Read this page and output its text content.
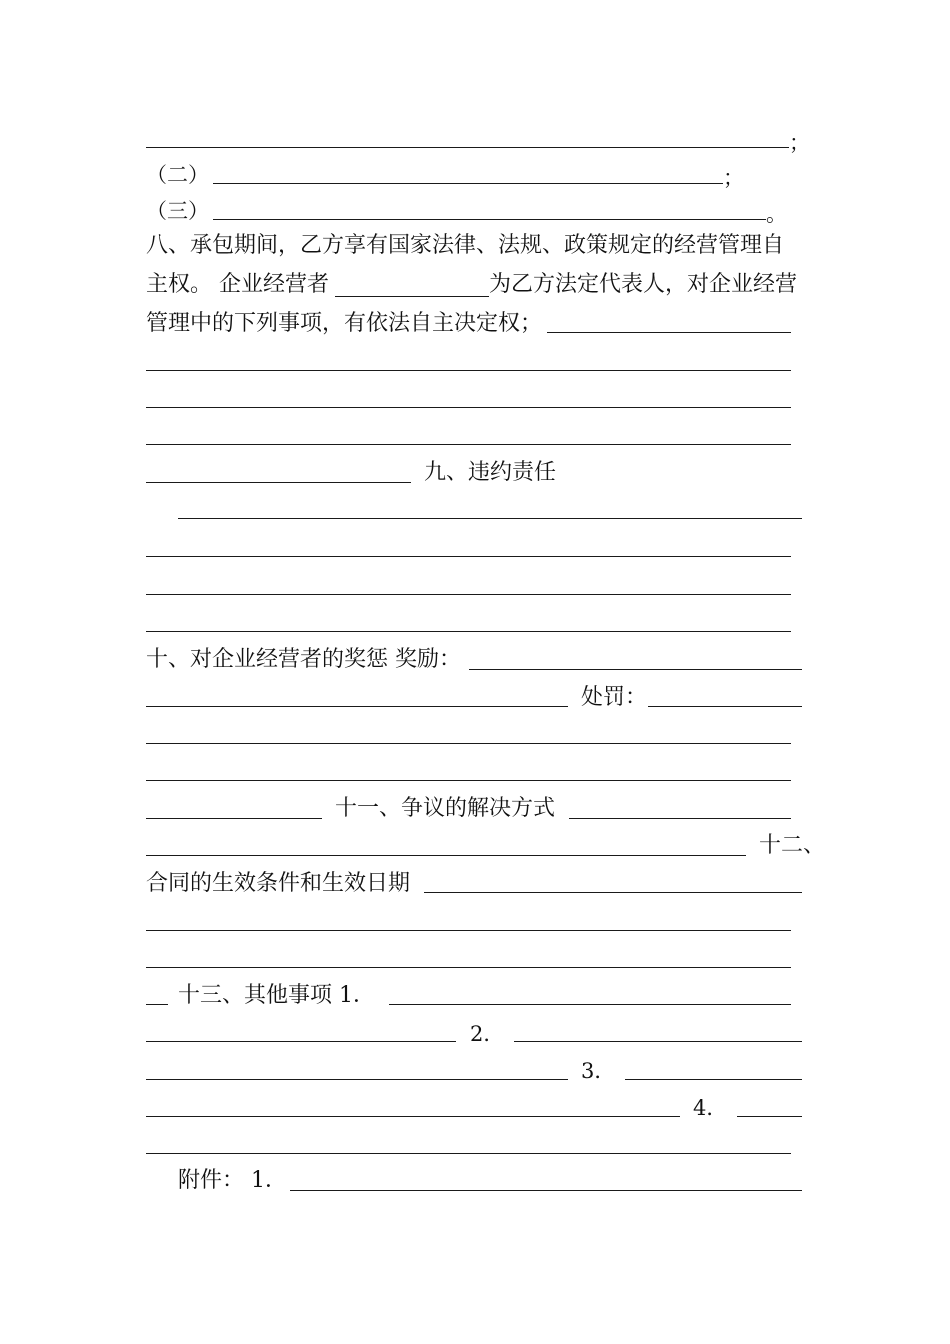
；
（二）	；
（三）	。
八、承包期间，乙方享有国家法律、法规、政策规定的经营管理自
主权。 企业经营者	为乙方法定代表人，对企业经营
管理中的下列事项，有依法自主决定权；
九、违约责任
十、对企业经营者的奖惩 奖励：
处罚：
十一、争议的解决方式
十二、
合同的生效条件和生效日期
十三、其他事项 1．
2．
3．
4．
附件： 1．
